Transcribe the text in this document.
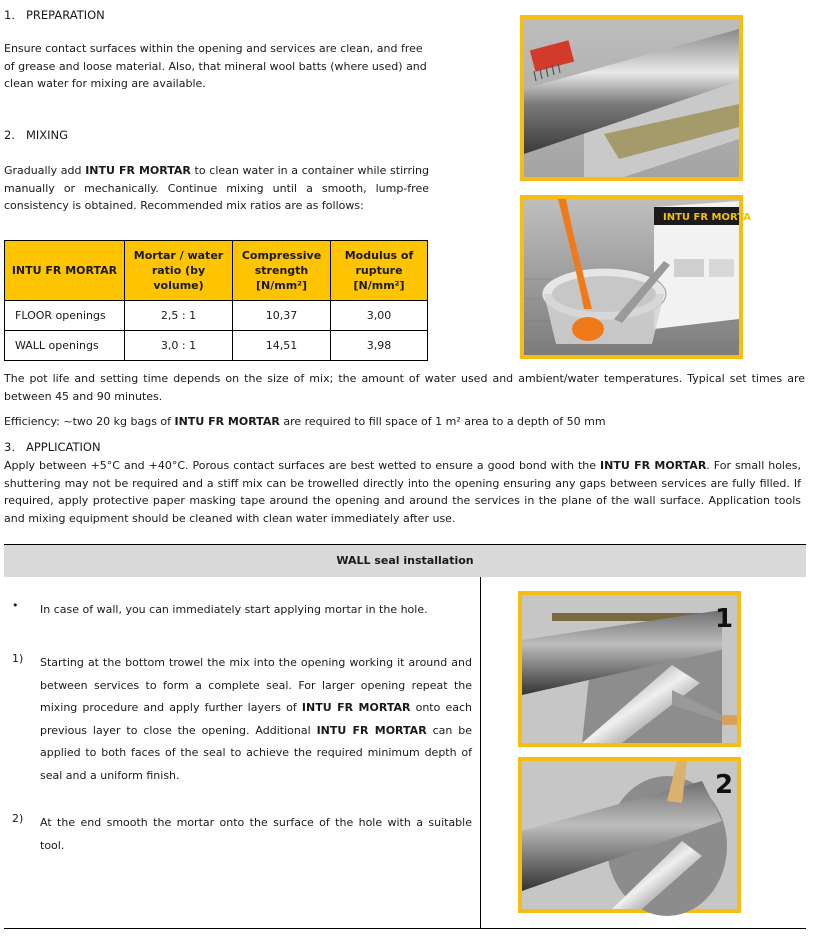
1. PREPARATION
Ensure contact surfaces within the opening and services are clean, and free of grease and loose material. Also, that mineral wool batts (where used) and clean water for mixing are available.
2. MIXING
Gradually add INTU FR MORTAR to clean water in a container while stirring manually or mechanically. Continue mixing until a smooth, lump-free consistency is obtained. Recommended mix ratios are as follows:
INTU FR MORTAR	Mortar / water ratio (by volume)	Compressive strength [N/mm²]	Modulus of rupture [N/mm²]
FLOOR openings	2,5 : 1	10,37	3,00
WALL openings	3,0 : 1	14,51	3,98
INTU FR MORTA
The pot life and setting time depends on the size of mix; the amount of water used and ambient/water temperatures. Typical set times are between 45 and 90 minutes.
Efficiency: ~two 20 kg bags of INTU FR MORTAR are required to fill space of 1 m² area to a depth of 50 mm
3. APPLICATION
Apply between +5°C and +40°C. Porous contact surfaces are best wetted to ensure a good bond with the INTU FR MORTAR. For small holes, shuttering may not be required and a stiff mix can be trowelled directly into the opening ensuring any gaps between services are fully filled. If required, apply protective paper masking tape around the opening and around the services in the plane of the wall surface. Application tools and mixing equipment should be cleaned with clean water immediately after use.
WALL seal installation
• In case of wall, you can immediately start applying mortar in the hole.
1) Starting at the bottom trowel the mix into the opening working it around and between services to form a complete seal. For larger opening repeat the mixing procedure and apply further layers of INTU FR MORTAR onto each previous layer to close the opening. Additional INTU FR MORTAR can be applied to both faces of the seal to achieve the required minimum depth of seal and a uniform finish.
2) At the end smooth the mortar onto the surface of the hole with a suitable tool.
1
2
